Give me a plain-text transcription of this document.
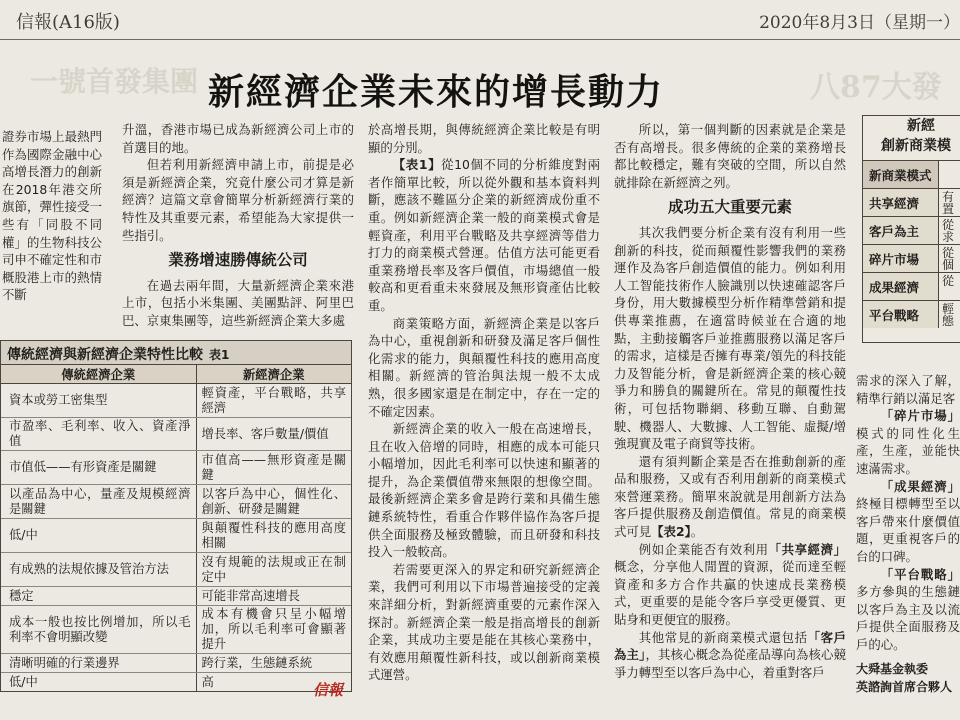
信報(A16版)	2020年8月3日（星期一）
一號首發集團	八87大發
新經濟企業未來的增長動力

證券市場上最熱門作為國際金融中心高增長潛力的創新在2018年港交所旗節，彈性接受一些有「同股不同權」的生物科技公司申不確定性和市概股港上市的熱情不斷

升溫，香港市場已成為新經濟公司上市的首選目的地。

但若利用新經濟申請上市，前提是必須是新經濟企業，究竟什麼公司才算是新經濟？這篇文章會簡單分析新經濟行業的特性及其重要元素，希望能為大家提供一些指引。

業務增速勝傳統公司

在過去兩年間，大量新經濟企業來港上市，包括小米集團、美團點評、阿里巴巴、京東集團等，這些新經濟企業大多處

於高增長期，與傳統經濟企業比較是有明顯的分別。

【表1】從10個不同的分析維度對兩者作簡單比較，所以從外觀和基本資料判斷，應該不難區分企業的新經濟成份重不重。例如新經濟企業一般的商業模式會是輕資產，利用平台戰略及共享經濟等借力打力的商業模式營運。估值方法可能更看重業務增長率及客戶價值，市場總值一般較高和更看重未來發展及無形資產估比較重。

商業策略方面，新經濟企業是以客戶為中心，重視創新和研發及滿足客戶個性化需求的能力，與顛覆性科技的應用高度相關。新經濟的管治與法規一般不太成熟，很多國家還是在制定中，存在一定的不確定因素。

新經濟企業的收入一般在高速增長，且在收入倍增的同時，相應的成本可能只小幅增加，因此毛利率可以快速和顯著的提升，為企業價值帶來無限的想像空間。最後新經濟企業多會是跨行業和具備生態鏈系統特性，看重合作夥伴協作為客戶提供全面服務及極致體驗，而且研發和科技投入一般較高。

若需要更深入的界定和研究新經濟企業，我們可利用以下市場普遍接受的定義來詳細分析，對新經濟重要的元素作深入探討。新經濟企業一般是指高增長的創新企業，其成功主要是能在其核心業務中，有效應用顛覆性新科技，或以創新商業模式運營。

所以，第一個判斷的因素就是企業是否有高增長。很多傳統的企業的業務增長都比較穩定，難有突破的空間，所以自然就排除在新經濟之列。

成功五大重要元素

其次我們要分析企業有沒有利用一些創新的科技，從而顛覆性影響我們的業務運作及為客戶創造價值的能力。例如利用人工智能技術作人臉識別以快速確認客戶身份，用大數據模型分析作精準營銷和提供專業推薦，在適當時候並在合適的地點，主動接觸客戶並推薦服務以滿足客戶的需求，這樣是否擁有專業/領先的科技能力及智能分析，會是新經濟企業的核心競爭力和勝負的關鍵所在。常見的顛覆性技術，可包括物聯網、移動互聯、自動駕駛、機器人、大數據、人工智能、虛擬/增強現實及電子商貿等技術。

還有須判斷企業是否在推動創新的產品和服務，又或有否利用創新的商業模式來營運業務。簡單來說就是用創新方法為客戶提供服務及創造價值。常見的商業模式可見【表2】。

例如企業能否有效利用「共享經濟」概念，分享他人閒置的資源，從而達至輕資產和多方合作共贏的快速成長業務模式，更重要的是能令客戶享受更優質、更貼身和更便宜的服務。

其他常見的新商業模式還包括「客戶為主」，其核心概念為從產品導向為核心競爭力轉型至以客戶為中心，着重對客戶

需求的深入了解，精準行銷以滿足客

「碎片市場」模式的同性化生產，生產，並能快速滿需求。

「成果經濟」終極目標轉型至以客戶帶來什麼價值題，更重視客戶的台的口碑。

「平台戰略」多方參與的生態鏈以客戶為主及以流戶提供全面服務及戶的心。

傳統經濟與新經濟企業特性比較 表1
傳統經濟企業	新經濟企業
資本或勞工密集型	輕資產，平台戰略，共享經濟
市盈率、毛利率、收入、資產淨值	增長率、客戶數量/價值
市值低——有形資產是關鍵	市值高——無形資產是關鍵
以產品為中心，量產及規模經濟是關鍵	以客戶為中心，個性化、創新、研發是關鍵
低/中	與顛覆性科技的應用高度相關
有成熟的法規依據及管治方法	沒有規範的法規或正在制定中
穩定	可能非常高速增長
成本一般也按比例增加，所以毛利率不會明顯改變	成本有機會只呈小幅增加，所以毛利率可會顯著提升
清晰明確的行業邊界	跨行業，生態鏈系統
低/中	高
新經
創新商業模
新商業模式
共享經濟	有
置
客戶為主	從
求
碎片市場	從
個
成果經濟	從
平台戰略	輕
態
信報
大舜基金執委
英諮詢首席合夥人
